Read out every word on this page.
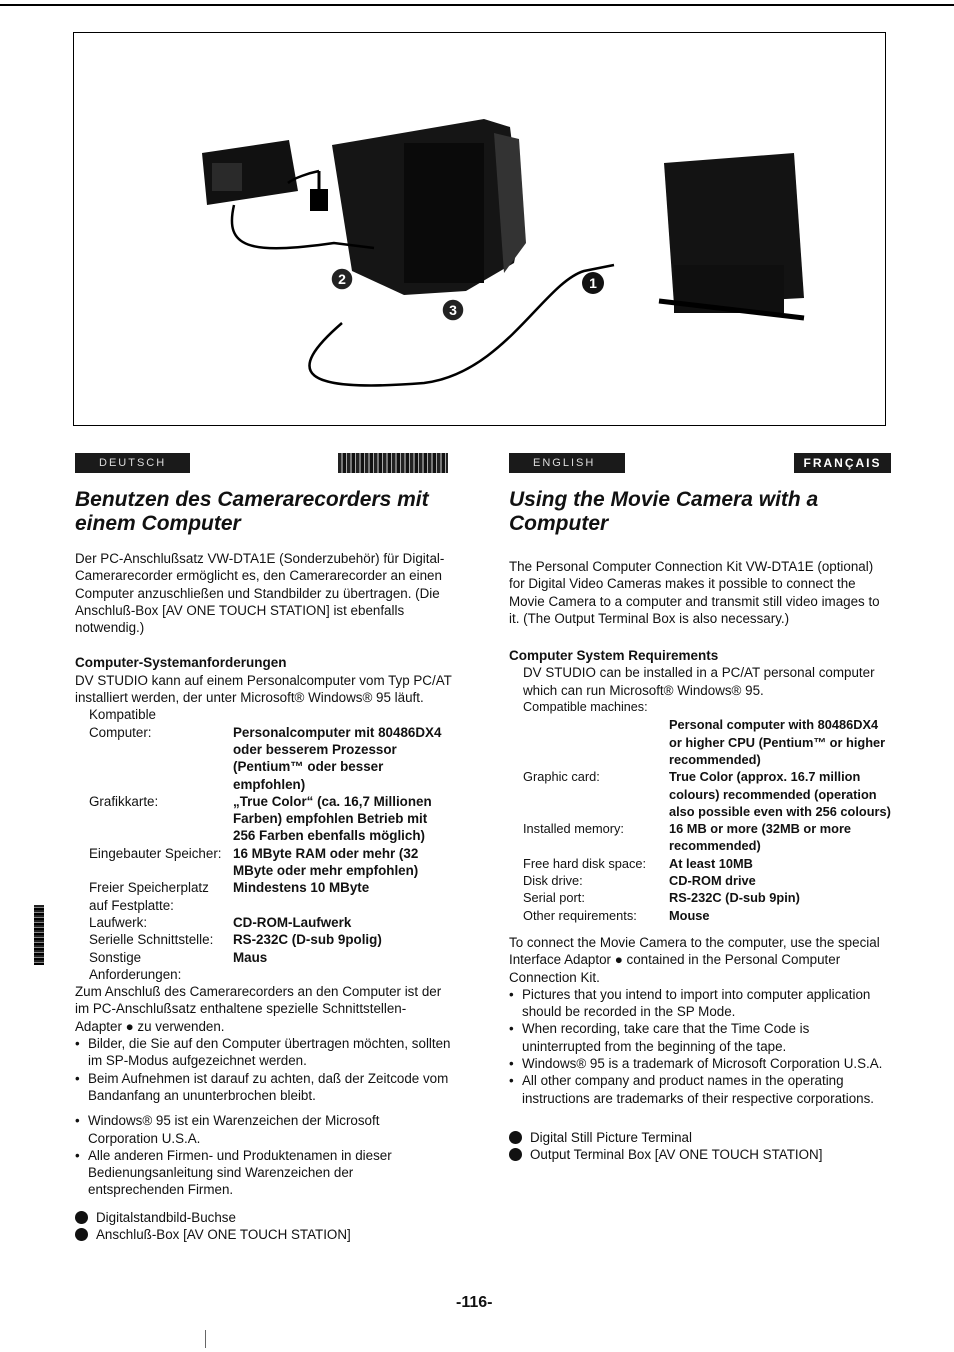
2
3
1
DEUTSCH	ENGLISH	FRANÇAIS
Benutzen des Camerarecorders mit einem Computer

Der PC-Anschlußsatz VW-DTA1E (Sonderzubehör) für Digital-Camerarecorder ermöglicht es, den Camerarecorder an einen Computer anzuschließen und Standbilder zu übertragen. (Die Anschluß-Box [AV ONE TOUCH STATION] ist ebenfalls notwendig.)

Computer-Systemanforderungen

DV STUDIO kann auf einem Personalcomputer vom Typ PC/AT installiert werden, der unter Microsoft® Windows® 95 läuft.

Kompatible

Computer:	Personalcomputer mit 80486DX4 oder besserem Prozessor (Pentium™ oder besser empfohlen)
Grafikkarte:	„True Color“ (ca. 16,7 Millionen Farben) empfohlen Betrieb mit 256 Farben ebenfalls möglich)
Eingebauter Speicher: 16 MByte RAM oder mehr (32 MByte oder mehr empfohlen)
Freier Speicherplatz auf Festplatte:
Mindestens 10 MByte
Laufwerk:	CD-ROM-Laufwerk
Serielle Schnittstelle:	RS-232C (D-sub 9polig)
Sonstige Anforderungen:
Maus

Zum Anschluß des Camerarecorders an den Computer ist der im PC-Anschlußsatz enthaltene spezielle Schnittstellen-Adapter ● zu verwenden.

• Bilder, die Sie auf den Computer übertragen möchten, sollten im SP-Modus aufgezeichnet werden.
• Beim Aufnehmen ist darauf zu achten, daß der Zeitcode vom Bandanfang an ununterbrochen bleibt.
• Windows® 95 ist ein Warenzeichen der Microsoft Corporation U.S.A.
• Alle anderen Firmen- und Produktenamen in dieser Bedienungsanleitung sind Warenzeichen der entsprechenden Firmen.
Digitalstandbild-Buchse
Anschluß-Box [AV ONE TOUCH STATION]
Using the Movie Camera with a Computer

The Personal Computer Connection Kit VW-DTA1E (optional) for Digital Video Cameras makes it possible to connect the Movie Camera to a computer and transmit still video images to it. (The Output Terminal Box is also necessary.)

Computer System Requirements

DV STUDIO can be installed in a PC/AT personal computer which can run Microsoft® Windows® 95.

Compatible machines:

Personal computer with 80486DX4 or higher CPU (Pentium™ or higher recommended)
Graphic card:	True Color (approx. 16.7 million colours) recommended (operation also possible even with 256 colours)
Installed memory:	16 MB or more (32MB or more recommended)
Free hard disk space:	At least 10MB
Disk drive:	CD-ROM drive
Serial port:	RS-232C (D-sub 9pin)
Other requirements:	Mouse

To connect the Movie Camera to the computer, use the special Interface Adaptor ● contained in the Personal Computer Connection Kit.

• Pictures that you intend to import into computer application should be recorded in the SP Mode.
• When recording, take care that the Time Code is uninterrupted from the beginning of the tape.
• Windows® 95 is a trademark of Microsoft Corporation U.S.A.
• All other company and product names in the operating instructions are trademarks of their respective corporations.
Digital Still Picture Terminal
Output Terminal Box [AV ONE TOUCH STATION]
-116-
